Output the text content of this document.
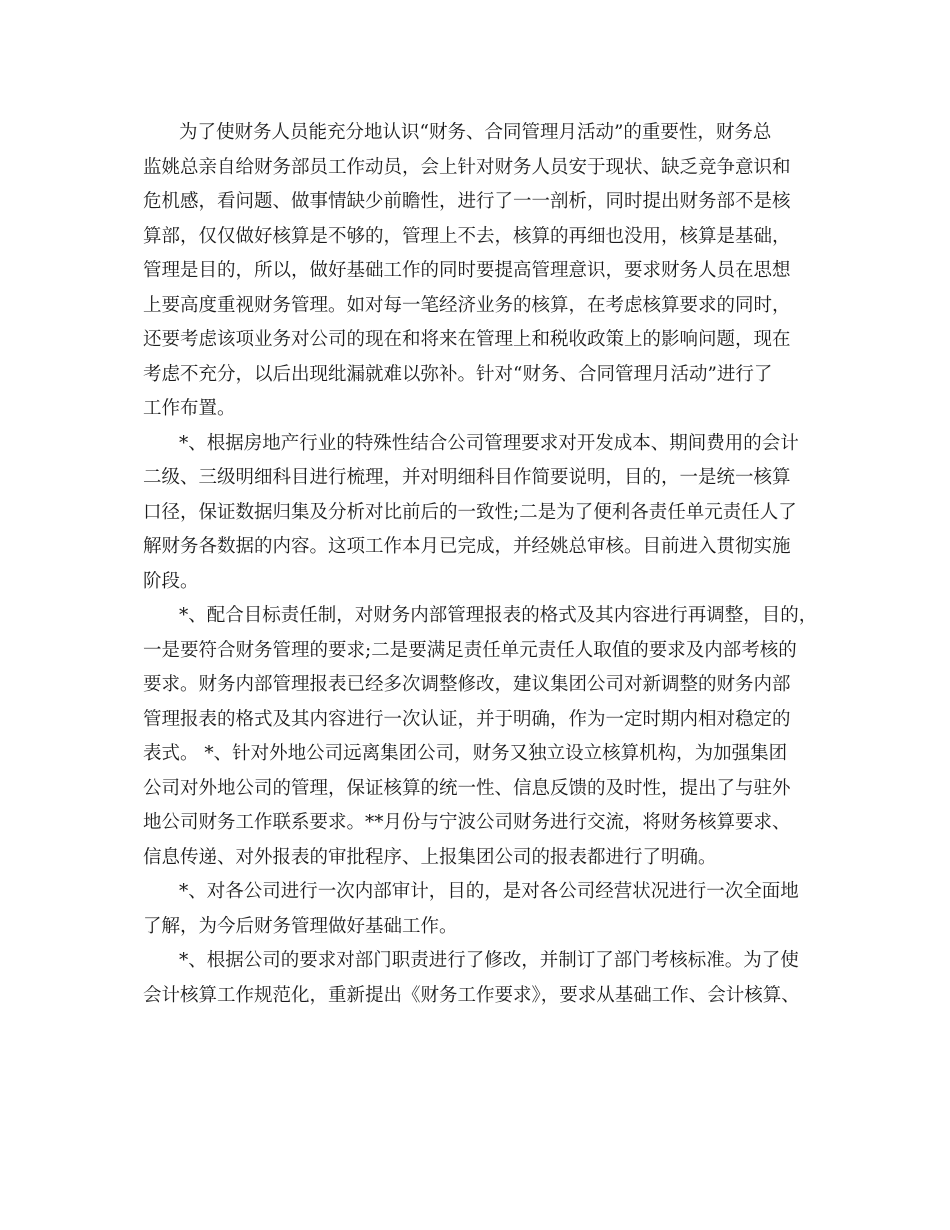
为了使财务人员能充分地认识“财务、合同管理月活动”的重要性，财务总
监姚总亲自给财务部员工作动员，会上针对财务人员安于现状、缺乏竞争意识和
危机感，看问题、做事情缺少前瞻性，进行了一一剖析，同时提出财务部不是核
算部，仅仅做好核算是不够的，管理上不去，核算的再细也没用，核算是基础，
管理是目的，所以，做好基础工作的同时要提高管理意识，要求财务人员在思想
上要高度重视财务管理。如对每一笔经济业务的核算，在考虑核算要求的同时，
还要考虑该项业务对公司的现在和将来在管理上和税收政策上的影响问题，现在
考虑不充分，以后出现纰漏就难以弥补。针对“财务、合同管理月活动”进行了
工作布置。
*、根据房地产行业的特殊性结合公司管理要求对开发成本、期间费用的会计
二级、三级明细科目进行梳理，并对明细科目作简要说明，目的，一是统一核算
口径，保证数据归集及分析对比前后的一致性;二是为了便利各责任单元责任人了
解财务各数据的内容。这项工作本月已完成，并经姚总审核。目前进入贯彻实施
阶段。
*、配合目标责任制，对财务内部管理报表的格式及其内容进行再调整，目的，
一是要符合财务管理的要求;二是要满足责任单元责任人取值的要求及内部考核的
要求。财务内部管理报表已经多次调整修改，建议集团公司对新调整的财务内部
管理报表的格式及其内容进行一次认证，并于明确，作为一定时期内相对稳定的
表式。 *、针对外地公司远离集团公司，财务又独立设立核算机构，为加强集团
公司对外地公司的管理，保证核算的统一性、信息反馈的及时性，提出了与驻外
地公司财务工作联系要求。**月份与宁波公司财务进行交流，将财务核算要求、
信息传递、对外报表的审批程序、上报集团公司的报表都进行了明确。
*、对各公司进行一次内部审计，目的，是对各公司经营状况进行一次全面地
了解，为今后财务管理做好基础工作。
*、根据公司的要求对部门职责进行了修改，并制订了部门考核标准。为了使
会计核算工作规范化，重新提出《财务工作要求》，要求从基础工作、会计核算、
